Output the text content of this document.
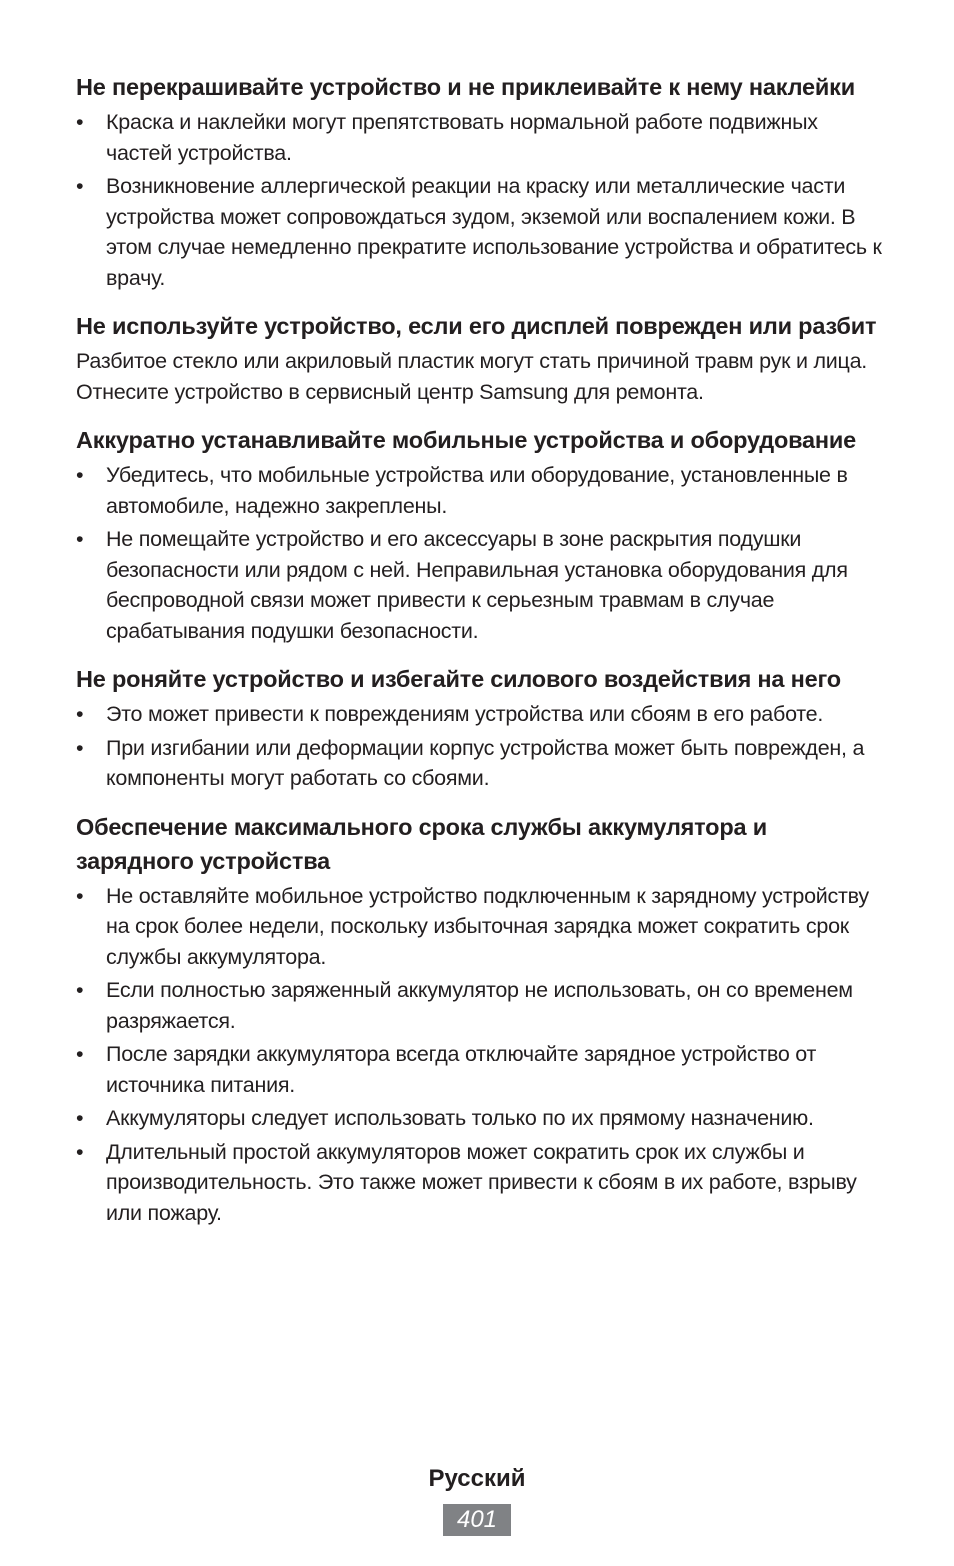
Не перекрашивайте устройство и не приклеивайте к нему наклейки
•	Краска и наклейки могут препятствовать нормальной работе подвижных частей устройства.
•	Возникновение аллергической реакции на краску или металлические части устройства может сопровождаться зудом, экземой или воспалением кожи. В этом случае немедленно прекратите использование устройства и обратитесь к врачу.
Не используйте устройство, если его дисплей поврежден или разбит

Разбитое стекло или акриловый пластик могут стать причиной травм рук и лица. Отнесите устройство в сервисный центр Samsung для ремонта.

Аккуратно устанавливайте мобильные устройства и оборудование
•	Убедитесь, что мобильные устройства или оборудование, установленные в автомобиле, надежно закреплены.
•	Не помещайте устройство и его аксессуары в зоне раскрытия подушки безопасности или рядом с ней. Неправильная установка оборудования для беспроводной связи может привести к серьезным травмам в случае срабатывания подушки безопасности.
Не роняйте устройство и избегайте силового воздействия на него
•	Это может привести к повреждениям устройства или сбоям в его работе.
•	При изгибании или деформации корпус устройства может быть поврежден, а компоненты могут работать со сбоями.
Обеспечение максимального срока службы аккумулятора и зарядного устройства
•	Не оставляйте мобильное устройство подключенным к зарядному устройству на срок более недели, поскольку избыточная зарядка может сократить срок службы аккумулятора.
•	Если полностью заряженный аккумулятор не использовать, он со временем разряжается.
•	После зарядки аккумулятора всегда отключайте зарядное устройство от источника питания.
•	Аккумуляторы следует использовать только по их прямому назначению.
•	Длительный простой аккумуляторов может сократить срок их службы и производительность. Это также может привести к сбоям в их работе, взрыву или пожару.
Русский
401
